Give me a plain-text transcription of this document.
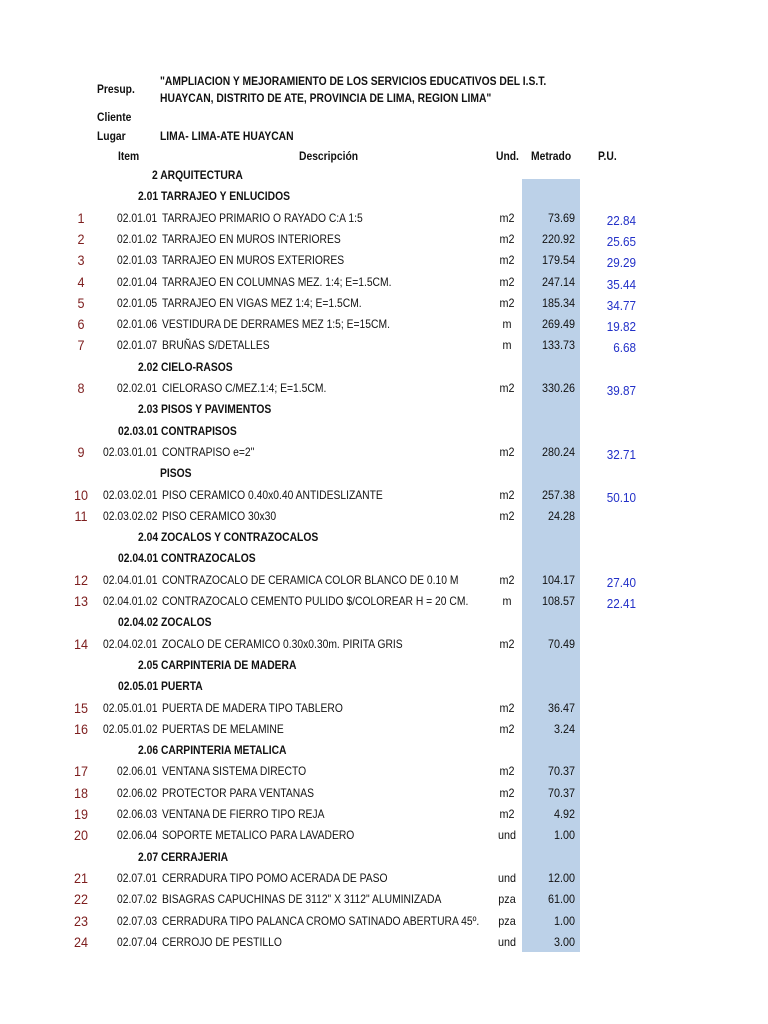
Presup.
"AMPLIACION Y MEJORAMIENTO DE LOS SERVICIOS EDUCATIVOS DEL I.S.T.
HUAYCAN, DISTRITO DE ATE, PROVINCIA DE LIMA, REGION LIMA"
Cliente
Lugar	LIMA- LIMA-ATE HUAYCAN
Item	Descripción	Und. Metrado P.U.
2 ARQUITECTURA
2.01 TARRAJEO Y ENLUCIDOS
1	02.01.01 TARRAJEO PRIMARIO O RAYADO C:A 1:5	m2	73.69	22.84
2	02.01.02 TARRAJEO EN MUROS INTERIORES	m2	220.92	25.65
3	02.01.03 TARRAJEO EN MUROS EXTERIORES	m2	179.54	29.29
4	02.01.04 TARRAJEO EN COLUMNAS MEZ. 1:4; E=1.5CM.	m2	247.14	35.44
5	02.01.05 TARRAJEO EN VIGAS MEZ 1:4; E=1.5CM.	m2	185.34	34.77
6	02.01.06 VESTIDURA DE DERRAMES MEZ 1:5; E=15CM.	m	269.49	19.82
7	02.01.07 BRUÑAS S/DETALLES	m	133.73	6.68
2.02 CIELO-RASOS
8	02.02.01 CIELORASO C/MEZ.1:4; E=1.5CM.	m2	330.26	39.87
2.03 PISOS Y PAVIMENTOS
02.03.01 CONTRAPISOS
9	02.03.01.01 CONTRAPISO e=2"	m2	280.24	32.71
PISOS
10 02.03.02.01 PISO CERAMICO 0.40x0.40 ANTIDESLIZANTE	m2	257.38	50.10
11 02.03.02.02 PISO CERAMICO 30x30	m2	24.28
2.04 ZOCALOS Y CONTRAZOCALOS
02.04.01 CONTRAZOCALOS
12 02.04.01.01 CONTRAZOCALO DE CERAMICA COLOR BLANCO DE 0.10 M	m2	104.17	27.40
13 02.04.01.02 CONTRAZOCALO CEMENTO PULIDO $/COLOREAR H = 20 CM.	m	108.57	22.41
02.04.02 ZOCALOS
14 02.04.02.01 ZOCALO DE CERAMICO 0.30x0.30m. PIRITA GRIS	m2	70.49
2.05 CARPINTERIA DE MADERA
02.05.01 PUERTA
15 02.05.01.01 PUERTA DE MADERA TIPO TABLERO	m2	36.47
16 02.05.01.02 PUERTAS DE MELAMINE	m2	3.24
2.06 CARPINTERIA METALICA
17 02.06.01 VENTANA SISTEMA DIRECTO	m2	70.37
18 02.06.02 PROTECTOR PARA VENTANAS	m2	70.37
19 02.06.03 VENTANA DE FIERRO TIPO REJA	m2	4.92
20 02.06.04 SOPORTE METALICO PARA LAVADERO	und	1.00
2.07 CERRAJERIA
21 02.07.01 CERRADURA TIPO POMO ACERADA DE PASO	und	12.00
22 02.07.02 BISAGRAS CAPUCHINAS DE 3112" X 3112" ALUMINIZADA	pza	61.00
23 02.07.03 CERRADURA TIPO PALANCA CROMO SATINADO ABERTURA 45º.	pza	1.00
24 02.07.04 CERROJO DE PESTILLO	und	3.00
